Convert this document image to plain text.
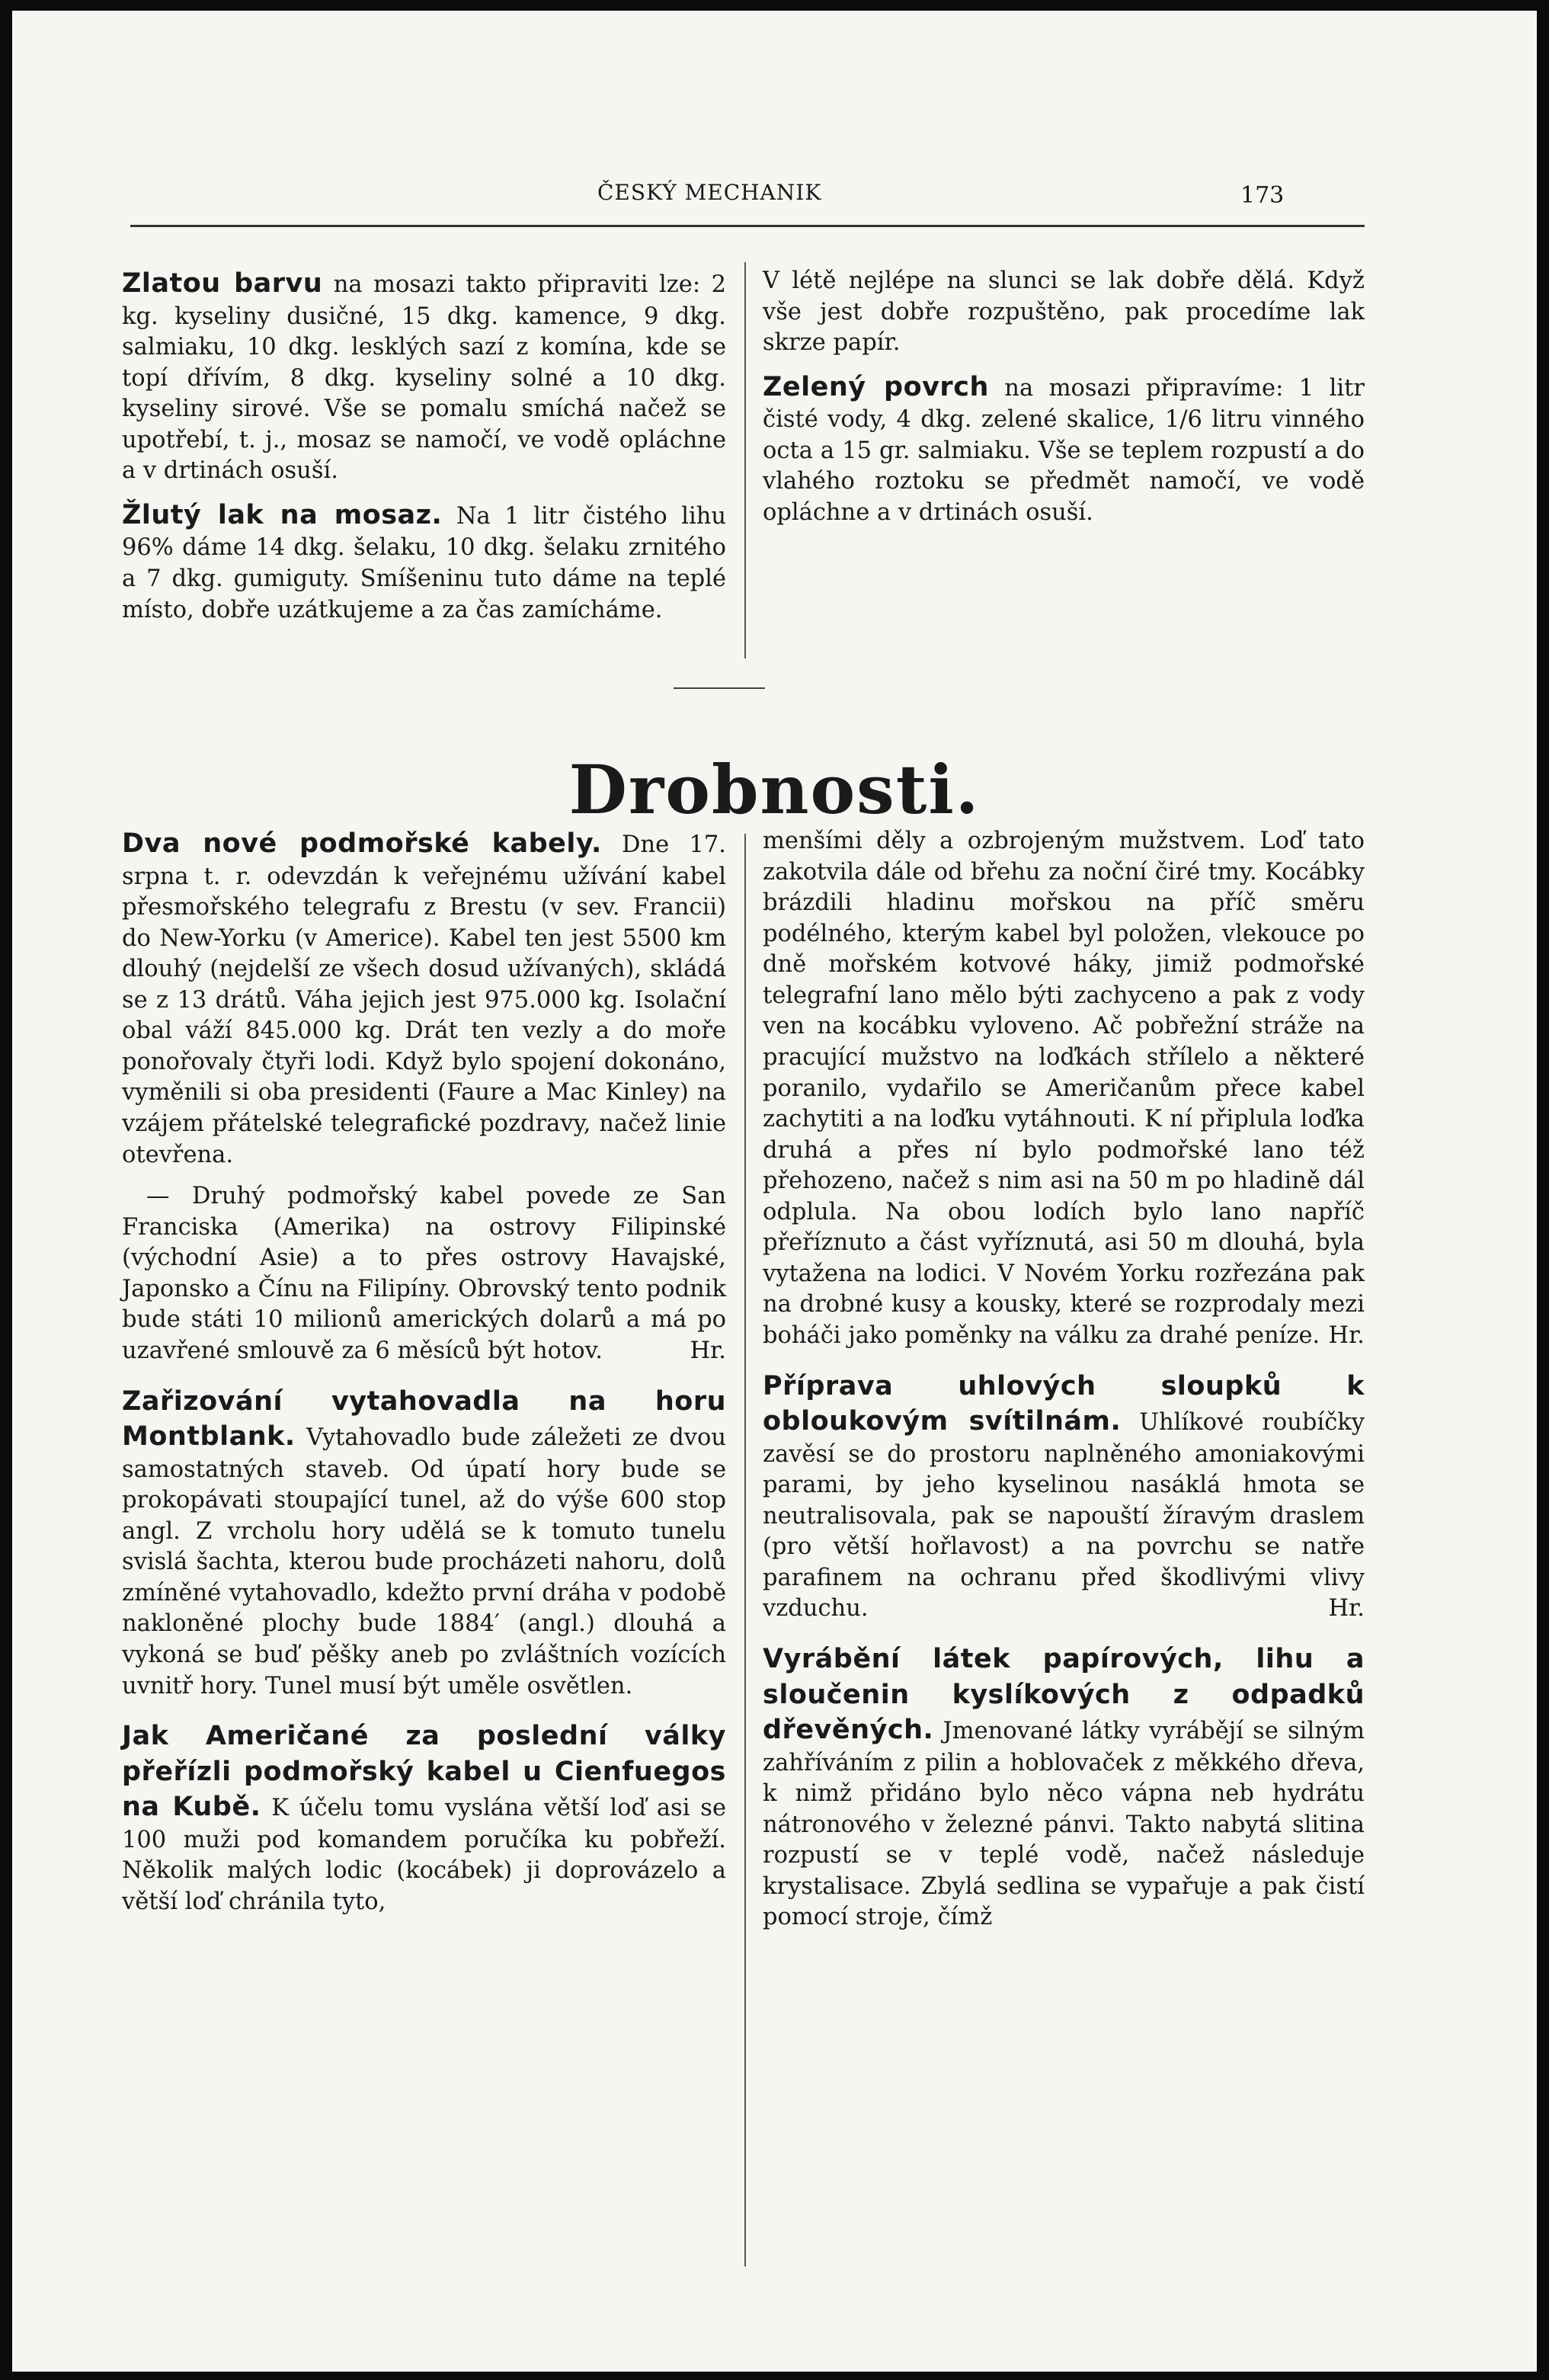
ČESKÝ MECHANIK	173
Drobnosti.

Zlatou barvu na mosazi takto připraviti lze: 2 kg. kyseliny dusičné, 15 dkg. kamence, 9 dkg. salmiaku, 10 dkg. lesklých sazí z komína, kde se topí dřívím, 8 dkg. kyseliny solné a 10 dkg. kyseliny sirové. Vše se pomalu smíchá načež se upotřebí, t. j., mosaz se namočí, ve vodě opláchne a v drtinách osuší.

Žlutý lak na mosaz. Na 1 litr čistého lihu 96% dáme 14 dkg. šelaku, 10 dkg. šelaku zrnitého a 7 dkg. gumiguty. Smíšeninu tuto dáme na teplé místo, dobře uzátkujeme a za čas zamícháme.

V létě nejlépe na slunci se lak dobře dělá. Když vše jest dobře rozpuštěno, pak procedíme lak skrze papír.

Zelený povrch na mosazi připravíme: 1 litr čisté vody, 4 dkg. zelené skalice, 1/6 litru vinného octa a 15 gr. salmiaku. Vše se teplem rozpustí a do vlahého roztoku se předmět namočí, ve vodě opláchne a v drtinách osuší.

Dva nové podmořské kabely. Dne 17. srpna t. r. odevzdán k veřejnému užívání kabel přesmořského telegrafu z Brestu (v sev. Francii) do New-Yorku (v Americe). Kabel ten jest 5500 km dlouhý (nejdelší ze všech dosud užívaných), skládá se z 13 drátů. Váha jejich jest 975.000 kg. Isolační obal váží 845.000 kg. Drát ten vezly a do moře ponořovaly čtyři lodi. Když bylo spojení dokonáno, vyměnili si oba presidenti (Faure a Mac Kinley) na vzájem přátelské telegrafické pozdravy, načež linie otevřena.

— Druhý podmořský kabel povede ze San Franciska (Amerika) na ostrovy Filipinské (východní Asie) a to přes ostrovy Havajské, Japonsko a Čínu na Filipíny. Obrovský tento podnik bude státi 10 milionů amerických dolarů a má po uzavřené smlouvě za 6 měsíců být hotov.	Hr.

Zařizování vytahovadla na horu Montblank. Vytahovadlo bude záležeti ze dvou samostatných staveb. Od úpatí hory bude se prokopávati stoupající tunel, až do výše 600 stop angl. Z vrcholu hory udělá se k tomuto tunelu svislá šachta, kterou bude procházeti nahoru, dolů zmíněné vytahovadlo, kdežto první dráha v podobě nakloněné plochy bude 1884′ (angl.) dlouhá a vykoná se buď pěšky aneb po zvláštních vozících uvnitř hory. Tunel musí být uměle osvětlen.

Jak Američané za poslední války přeřízli podmořský kabel u Cienfuegos na Kubě. K účelu tomu vyslána větší loď asi se 100 muži pod komandem poručíka ku pobřeží. Několik malých lodic (kocábek) ji doprovázelo a větší loď chránila tyto,

menšími děly a ozbrojeným mužstvem. Loď tato zakotvila dále od břehu za noční čiré tmy. Kocábky brázdili hladinu mořskou na příč směru podélného, kterým kabel byl položen, vlekouce po dně mořském kotvové háky, jimiž podmořské telegrafní lano mělo býti zachyceno a pak z vody ven na kocábku vyloveno. Ač pobřežní stráže na pracující mužstvo na loďkách střílelo a některé poranilo, vydařilo se Američanům přece kabel zachytiti a na loďku vytáhnouti. K ní připlula loďka druhá a přes ní bylo podmořské lano též přehozeno, načež s nim asi na 50 m po hladině dál odplula. Na obou lodích bylo lano napříč přeříznuto a část vyříznutá, asi 50 m dlouhá, byla vytažena na lodici. V Novém Yorku rozřezána pak na drobné kusy a kousky, které se rozprodaly mezi boháči jako poměnky na válku za drahé peníze. Hr.

Příprava uhlových sloupků k obloukovým svítilnám. Uhlíkové roubíčky zavěsí se do prostoru naplněného amoniakovými parami, by jeho kyselinou nasáklá hmota se neutralisovala, pak se napouští žíravým draslem (pro větší hořlavost) a na povrchu se natře parafinem na ochranu před škodlivými vlivy vzduchu.	Hr.

Vyrábění látek papírových, lihu a sloučenin kyslíkových z odpadků dřevěných. Jmenované látky vyrábějí se silným zahříváním z pilin a hoblovaček z měkkého dřeva, k nimž přidáno bylo něco vápna neb hydrátu nátronového v železné pánvi. Takto nabytá slitina rozpustí se v teplé vodě, načež následuje krystalisace. Zbylá sedlina se vypařuje a pak čistí pomocí stroje, čímž
